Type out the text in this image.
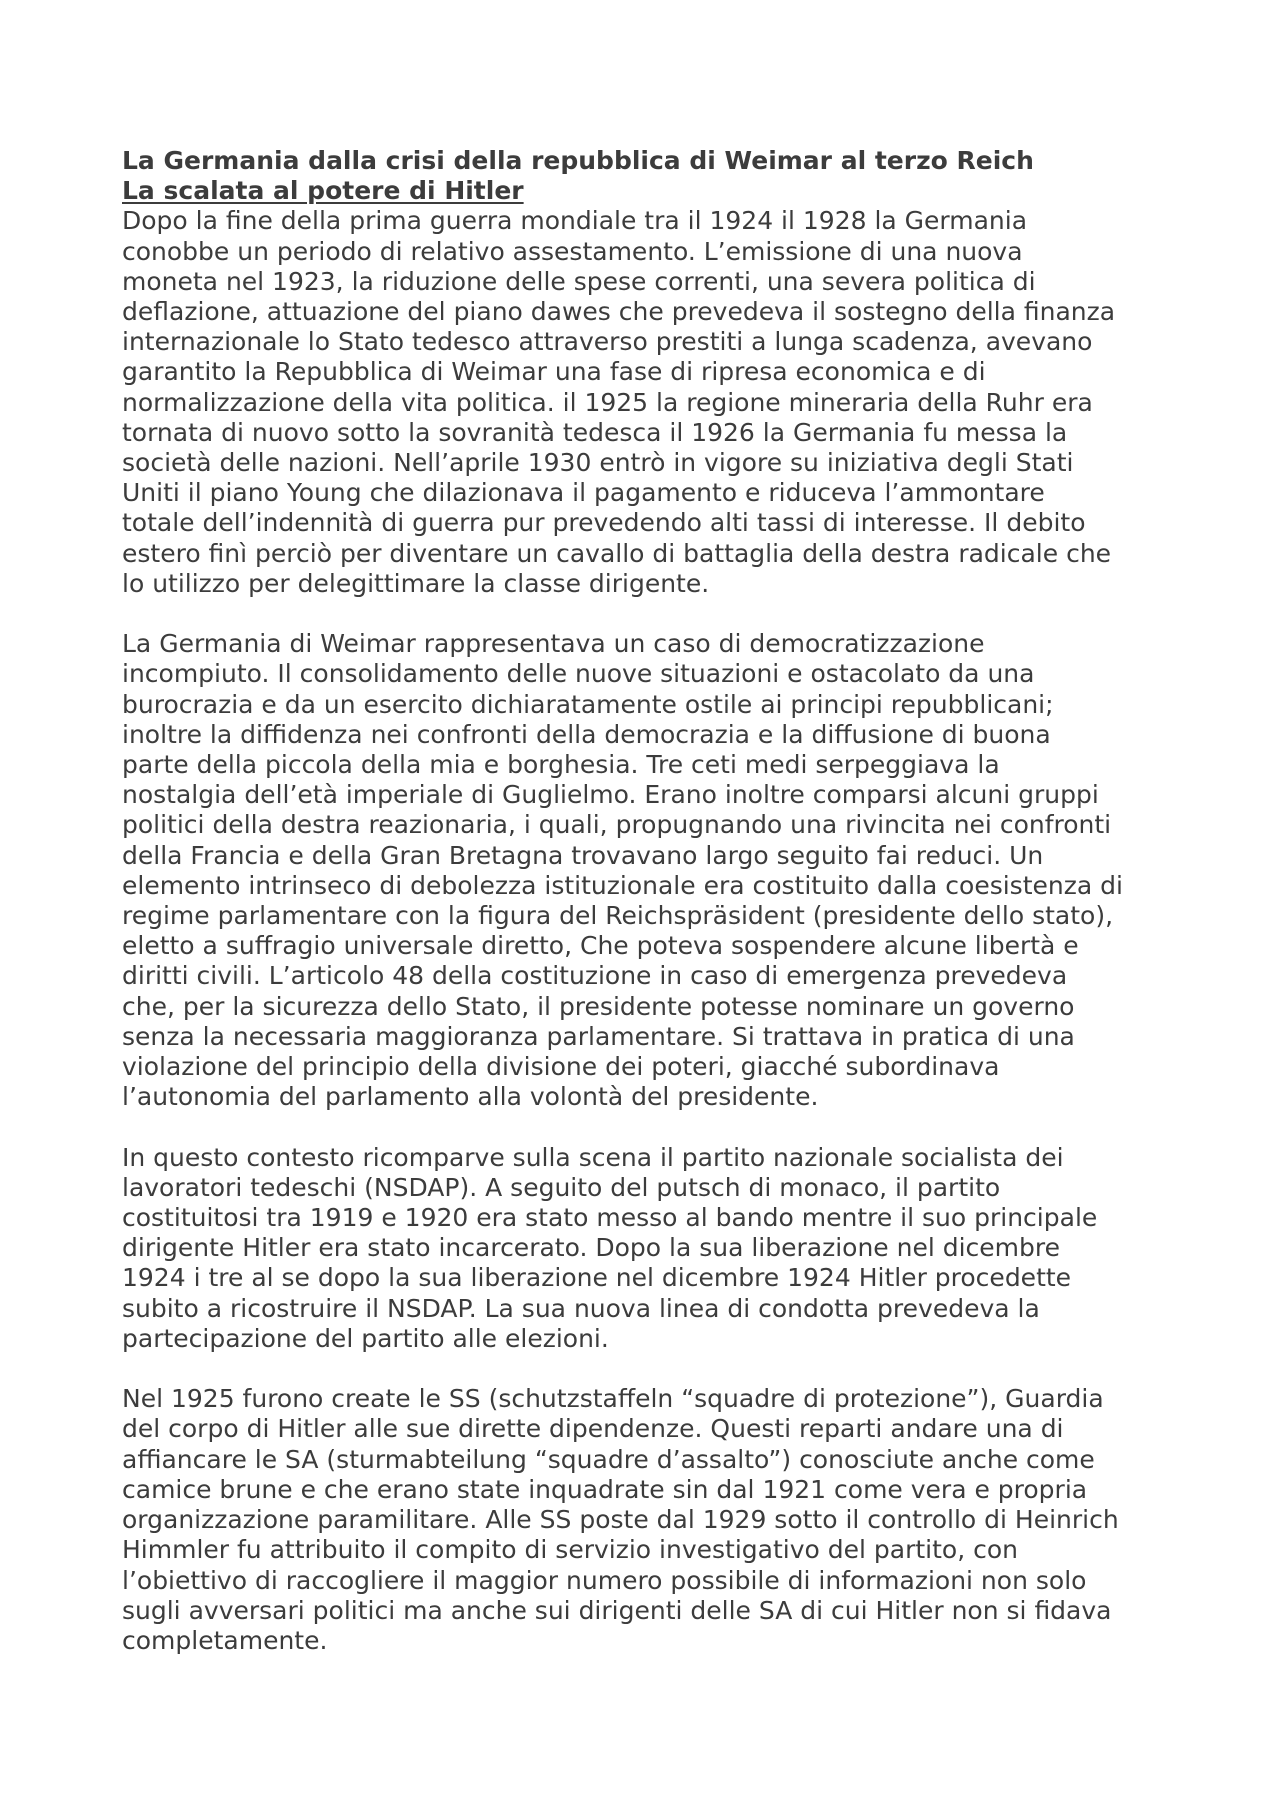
La Germania dalla crisi della repubblica di Weimar al terzo Reich
La scalata al potere di Hitler
Dopo la fine della prima guerra mondiale tra il 1924 il 1928 la Germania
conobbe un periodo di relativo assestamento. L’emissione di una nuova
moneta nel 1923, la riduzione delle spese correnti, una severa politica di
deflazione, attuazione del piano dawes che prevedeva il sostegno della finanza
internazionale lo Stato tedesco attraverso prestiti a lunga scadenza, avevano
garantito la Repubblica di Weimar una fase di ripresa economica e di
normalizzazione della vita politica. il 1925 la regione mineraria della Ruhr era
tornata di nuovo sotto la sovranità tedesca il 1926 la Germania fu messa la
società delle nazioni. Nell’aprile 1930 entrò in vigore su iniziativa degli Stati
Uniti il piano Young che dilazionava il pagamento e riduceva l’ammontare
totale dell’indennità di guerra pur prevedendo alti tassi di interesse. Il debito
estero finì perciò per diventare un cavallo di battaglia della destra radicale che
lo utilizzo per delegittimare la classe dirigente.
La Germania di Weimar rappresentava un caso di democratizzazione
incompiuto. Il consolidamento delle nuove situazioni e ostacolato da una
burocrazia e da un esercito dichiaratamente ostile ai principi repubblicani;
inoltre la diffidenza nei confronti della democrazia e la diffusione di buona
parte della piccola della mia e borghesia. Tre ceti medi serpeggiava la
nostalgia dell’età imperiale di Guglielmo. Erano inoltre comparsi alcuni gruppi
politici della destra reazionaria, i quali, propugnando una rivincita nei confronti
della Francia e della Gran Bretagna trovavano largo seguito fai reduci. Un
elemento intrinseco di debolezza istituzionale era costituito dalla coesistenza di
regime parlamentare con la figura del Reichspräsident (presidente dello stato),
eletto a suffragio universale diretto, Che poteva sospendere alcune libertà e
diritti civili. L’articolo 48 della costituzione in caso di emergenza prevedeva
che, per la sicurezza dello Stato, il presidente potesse nominare un governo
senza la necessaria maggioranza parlamentare. Si trattava in pratica di una
violazione del principio della divisione dei poteri, giacché subordinava
l’autonomia del parlamento alla volontà del presidente.
In questo contesto ricomparve sulla scena il partito nazionale socialista dei
lavoratori tedeschi (NSDAP). A seguito del putsch di monaco, il partito
costituitosi tra 1919 e 1920 era stato messo al bando mentre il suo principale
dirigente Hitler era stato incarcerato. Dopo la sua liberazione nel dicembre
1924 i tre al se dopo la sua liberazione nel dicembre 1924 Hitler procedette
subito a ricostruire il NSDAP. La sua nuova linea di condotta prevedeva la
partecipazione del partito alle elezioni.
Nel 1925 furono create le SS (schutzstaffeln “squadre di protezione”), Guardia
del corpo di Hitler alle sue dirette dipendenze. Questi reparti andare una di
affiancare le SA (sturmabteilung “squadre d’assalto”) conosciute anche come
camice brune e che erano state inquadrate sin dal 1921 come vera e propria
organizzazione paramilitare. Alle SS poste dal 1929 sotto il controllo di Heinrich
Himmler fu attribuito il compito di servizio investigativo del partito, con
l’obiettivo di raccogliere il maggior numero possibile di informazioni non solo
sugli avversari politici ma anche sui dirigenti delle SA di cui Hitler non si fidava
completamente.
